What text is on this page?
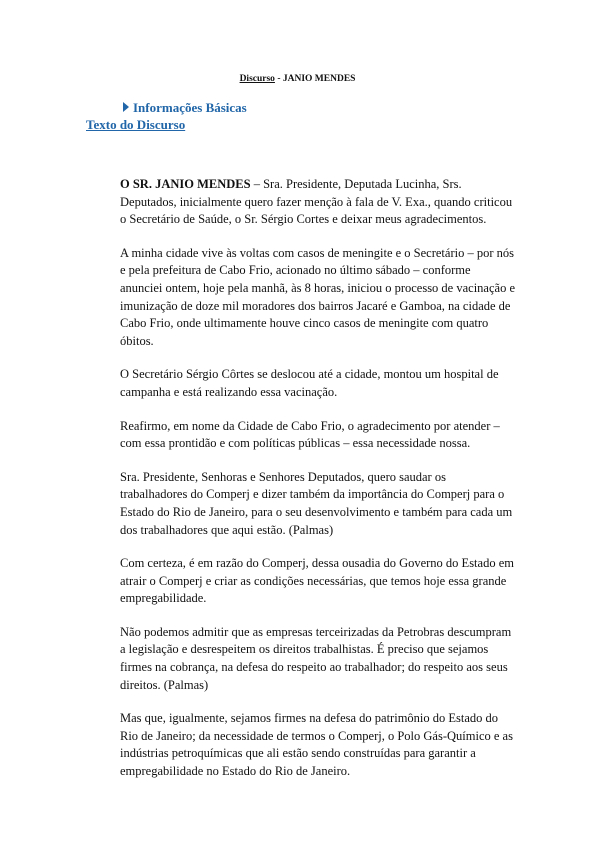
Discurso - JANIO MENDES
Informações Básicas
Texto do Discurso

O SR. JANIO MENDES – Sra. Presidente, Deputada Lucinha, Srs. Deputados, inicialmente quero fazer menção à fala de V. Exa., quando criticou o Secretário de Saúde, o Sr. Sérgio Cortes e deixar meus agradecimentos.

A minha cidade vive às voltas com casos de meningite e o Secretário – por nós e pela prefeitura de Cabo Frio, acionado no último sábado – conforme anunciei ontem, hoje pela manhã, às 8 horas, iniciou o processo de vacinação e imunização de doze mil moradores dos bairros Jacaré e Gamboa, na cidade de Cabo Frio, onde ultimamente houve cinco casos de meningite com quatro óbitos.

O Secretário Sérgio Côrtes se deslocou até a cidade, montou um hospital de campanha e está realizando essa vacinação.

Reafirmo, em nome da Cidade de Cabo Frio, o agradecimento por atender – com essa prontidão e com políticas públicas – essa necessidade nossa.

Sra. Presidente, Senhoras e Senhores Deputados, quero saudar os trabalhadores do Comperj e dizer também da importância do Comperj para o Estado do Rio de Janeiro, para o seu desenvolvimento e também para cada um dos trabalhadores que aqui estão. (Palmas)

Com certeza, é em razão do Comperj, dessa ousadia do Governo do Estado em atrair o Comperj e criar as condições necessárias, que temos hoje essa grande empregabilidade.

Não podemos admitir que as empresas terceirizadas da Petrobras descumpram a legislação e desrespeitem os direitos trabalhistas. É preciso que sejamos firmes na cobrança, na defesa do respeito ao trabalhador; do respeito aos seus direitos. (Palmas)

Mas que, igualmente, sejamos firmes na defesa do patrimônio do Estado do Rio de Janeiro; da necessidade de termos o Comperj, o Polo Gás-Químico e as indústrias petroquímicas que ali estão sendo construídas para garantir a empregabilidade no Estado do Rio de Janeiro.
